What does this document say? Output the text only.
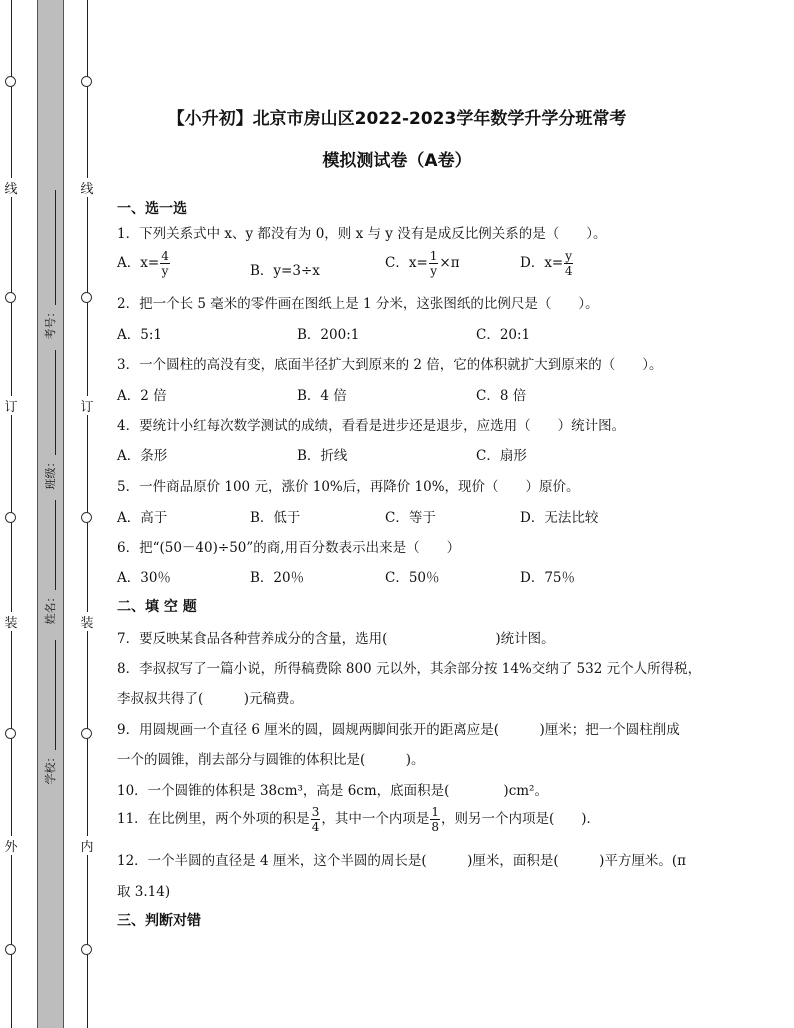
线
订
装
外
线
订
装
内
考号：
班级：
姓名：
学校：
【小升初】北京市房山区2022-2023学年数学升学分班常考
模拟测试卷（A卷）
一、选一选
1．下列关系式中 x、y 都没有为 0，则 x 与 y 没有是成反比例关系的是（　　）。
A．$x= \frac{4}{y}$	B．y=3÷x	C．$x= \frac{1}{y} \times\pi$	D．$x= \frac{y}{4}$
2．把一个长 5 毫米的零件画在图纸上是 1 分米，这张图纸的比例尺是（　　）。
A．5:1	B．200:1	C．20:1
3．一个圆柱的高没有变，底面半径扩大到原来的 2 倍，它的体积就扩大到原来的（　　）。
A．2 倍	B．4 倍	C．8 倍
4．要统计小红每次数学测试的成绩，看看是进步还是退步，应选用（　　）统计图。
A．条形	B．折线	C．扇形
5．一件商品原价 100 元，涨价 10%后，再降价 10%，现价（　　）原价。
A．高于	B．低于	C．等于	D．无法比较
6．把“(50－40)÷50”的商,用百分数表示出来是（　　）
A．30％	B．20％	C．50％	D．75％
二、填 空 题
7．要反映某食品各种营养成分的含量，选用(　　　　　　　　)统计图。
8．李叔叔写了一篇小说，所得稿费除 800 元以外，其余部分按 14%交纳了 532 元个人所得税，
李叔叔共得了(　　　)元稿费。
9．用圆规画一个直径 6 厘米的圆，圆规两脚间张开的距离应是(　　　)厘米；把一个圆柱削成
一个的圆锥，削去部分与圆锥的体积比是(　　　)。
10．一个圆锥的体积是 38cm³，高是 6cm，底面积是(　　　　)cm²。
11．在比例里，两个外项的积是 $\frac{3}{4}$ ，其中一个内项是 $\frac{1}{8}$ ，则另一个内项是(　　)．
12．一个半圆的直径是 4 厘米，这个半圆的周长是(　　　)厘米，面积是(　　　)平方厘米。(π
取 3.14)
三、判断对错
